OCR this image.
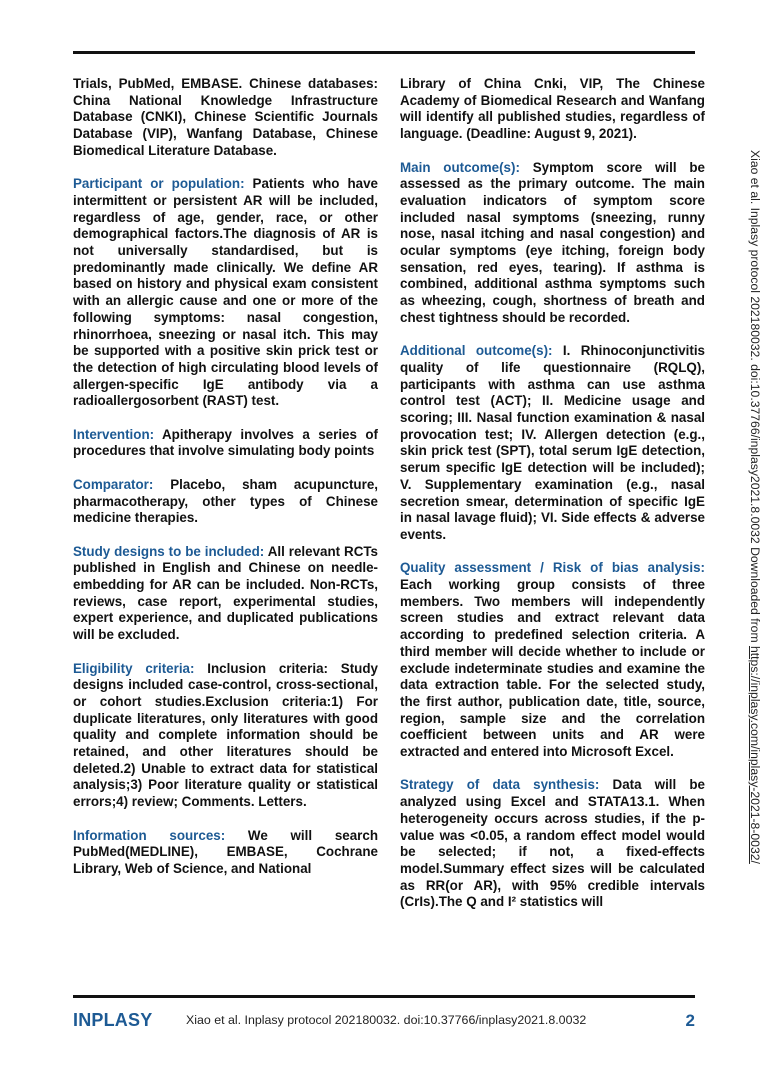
Trials, PubMed, EMBASE. Chinese databases: China National Knowledge Infrastructure Database (CNKI), Chinese Scientific Journals Database (VIP), Wanfang Database, Chinese Biomedical Literature Database.

Participant or population: Patients who have intermittent or persistent AR will be included, regardless of age, gender, race, or other demographical factors.The diagnosis of AR is not universally standardised, but is predominantly made clinically. We define AR based on history and physical exam consistent with an allergic cause and one or more of the following symptoms: nasal congestion, rhinorrhoea, sneezing or nasal itch. This may be supported with a positive skin prick test or the detection of high circulating blood levels of allergen-specific IgE antibody via a radioallergosorbent (RAST) test.

Intervention: Apitherapy involves a series of procedures that involve simulating body points

Comparator: Placebo, sham acupuncture, pharmacotherapy, other types of Chinese medicine therapies.

Study designs to be included: All relevant RCTs published in English and Chinese on needle-embedding for AR can be included. Non-RCTs, reviews, case report, experimental studies, expert experience, and duplicated publications will be excluded.

Eligibility criteria: Inclusion criteria: Study designs included case-control, cross-sectional, or cohort studies.Exclusion criteria:1) For duplicate literatures, only literatures with good quality and complete information should be retained, and other literatures should be deleted.2) Unable to extract data for statistical analysis;3) Poor literature quality or statistical errors;4) review; Comments. Letters.

Information sources: We will search PubMed(MEDLINE), EMBASE, Cochrane Library, Web of Science, and National

Library of China Cnki, VIP, The Chinese Academy of Biomedical Research and Wanfang will identify all published studies, regardless of language. (Deadline: August 9, 2021).

Main outcome(s): Symptom score will be assessed as the primary outcome. The main evaluation indicators of symptom score included nasal symptoms (sneezing, runny nose, nasal itching and nasal congestion) and ocular symptoms (eye itching, foreign body sensation, red eyes, tearing). If asthma is combined, additional asthma symptoms such as wheezing, cough, shortness of breath and chest tightness should be recorded.

Additional outcome(s): I. Rhinoconjunctivitis quality of life questionnaire (RQLQ), participants with asthma can use asthma control test (ACT); II. Medicine usage and scoring; III. Nasal function examination & nasal provocation test; IV. Allergen detection (e.g., skin prick test (SPT), total serum IgE detection, serum specific IgE detection will be included); V. Supplementary examination (e.g., nasal secretion smear, determination of specific IgE in nasal lavage fluid); VI. Side effects & adverse events.

Quality assessment / Risk of bias analysis: Each working group consists of three members. Two members will independently screen studies and extract relevant data according to predefined selection criteria. A third member will decide whether to include or exclude indeterminate studies and examine the data extraction table. For the selected study, the first author, publication date, title, source, region, sample size and the correlation coefficient between units and AR were extracted and entered into Microsoft Excel.

Strategy of data synthesis: Data will be analyzed using Excel and STATA13.1. When heterogeneity occurs across studies, if the p-value was <0.05, a random effect model would be selected; if not, a fixed-effects model.Summary effect sizes will be calculated as RR(or AR), with 95% credible intervals (CrIs).The Q and I² statistics will

INPLASY	Xiao et al. Inplasy protocol 202180032. doi:10.37766/inplasy2021.8.0032	2
Xiao et al. Inplasy protocol 202180032. doi:10.37766/inplasy2021.8.0032 Downloaded from https://inplasy.com/inplasy-2021-8-0032/
